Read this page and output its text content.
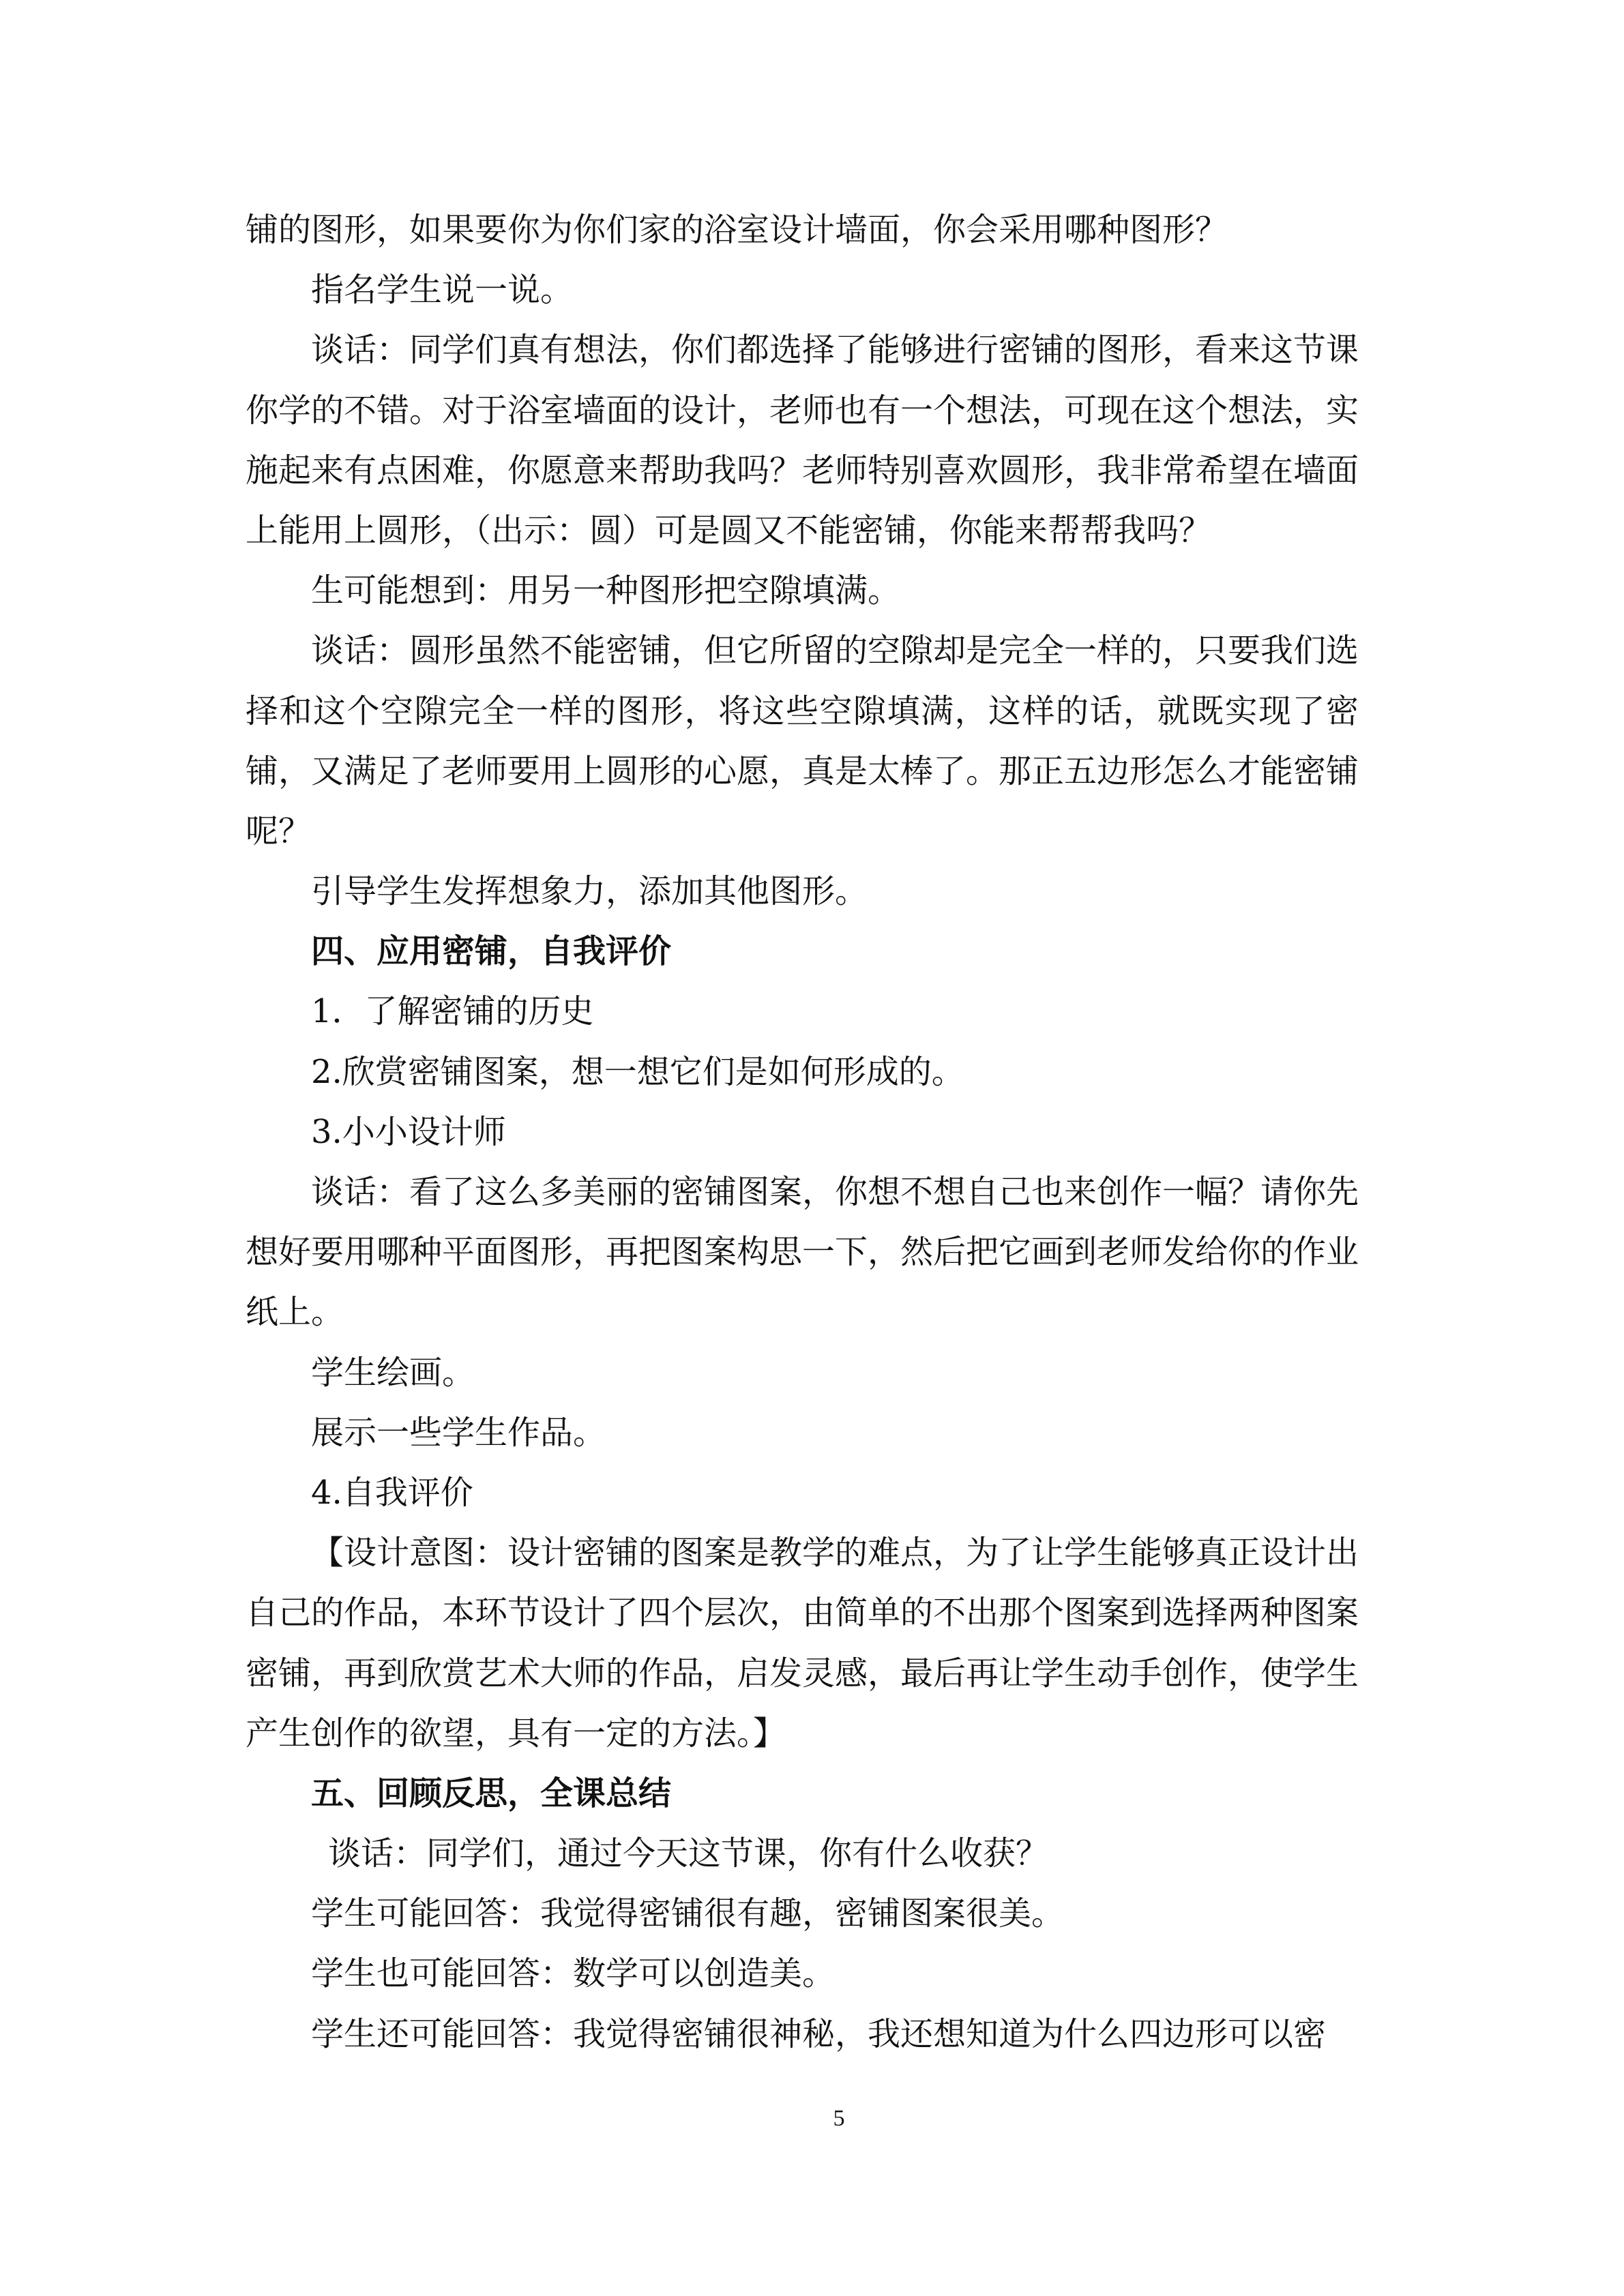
铺的图形，如果要你为你们家的浴室设计墙面，你会采用哪种图形？
指名学生说一说。
谈话：同学们真有想法，你们都选择了能够进行密铺的图形，看来这节课
你学的不错。对于浴室墙面的设计，老师也有一个想法，可现在这个想法，实
施起来有点困难，你愿意来帮助我吗？老师特别喜欢圆形，我非常希望在墙面
上能用上圆形，（出示：圆）可是圆又不能密铺，你能来帮帮我吗？
生可能想到：用另一种图形把空隙填满。
谈话：圆形虽然不能密铺，但它所留的空隙却是完全一样的，只要我们选
择和这个空隙完全一样的图形，将这些空隙填满，这样的话，就既实现了密
铺，又满足了老师要用上圆形的心愿，真是太棒了。那正五边形怎么才能密铺
呢？
引导学生发挥想象力，添加其他图形。
四、应用密铺，自我评价
1．了解密铺的历史
2.欣赏密铺图案，想一想它们是如何形成的。
3.小小设计师
谈话：看了这么多美丽的密铺图案，你想不想自己也来创作一幅？请你先
想好要用哪种平面图形，再把图案构思一下，然后把它画到老师发给你的作业
纸上。
学生绘画。
展示一些学生作品。
4.自我评价
【设计意图：设计密铺的图案是教学的难点，为了让学生能够真正设计出
自己的作品，本环节设计了四个层次，由简单的不出那个图案到选择两种图案
密铺，再到欣赏艺术大师的作品，启发灵感，最后再让学生动手创作，使学生
产生创作的欲望，具有一定的方法。】
五、回顾反思，全课总结
谈话：同学们，通过今天这节课，你有什么收获？
学生可能回答：我觉得密铺很有趣，密铺图案很美。
学生也可能回答：数学可以创造美。
学生还可能回答：我觉得密铺很神秘，我还想知道为什么四边形可以密
5
